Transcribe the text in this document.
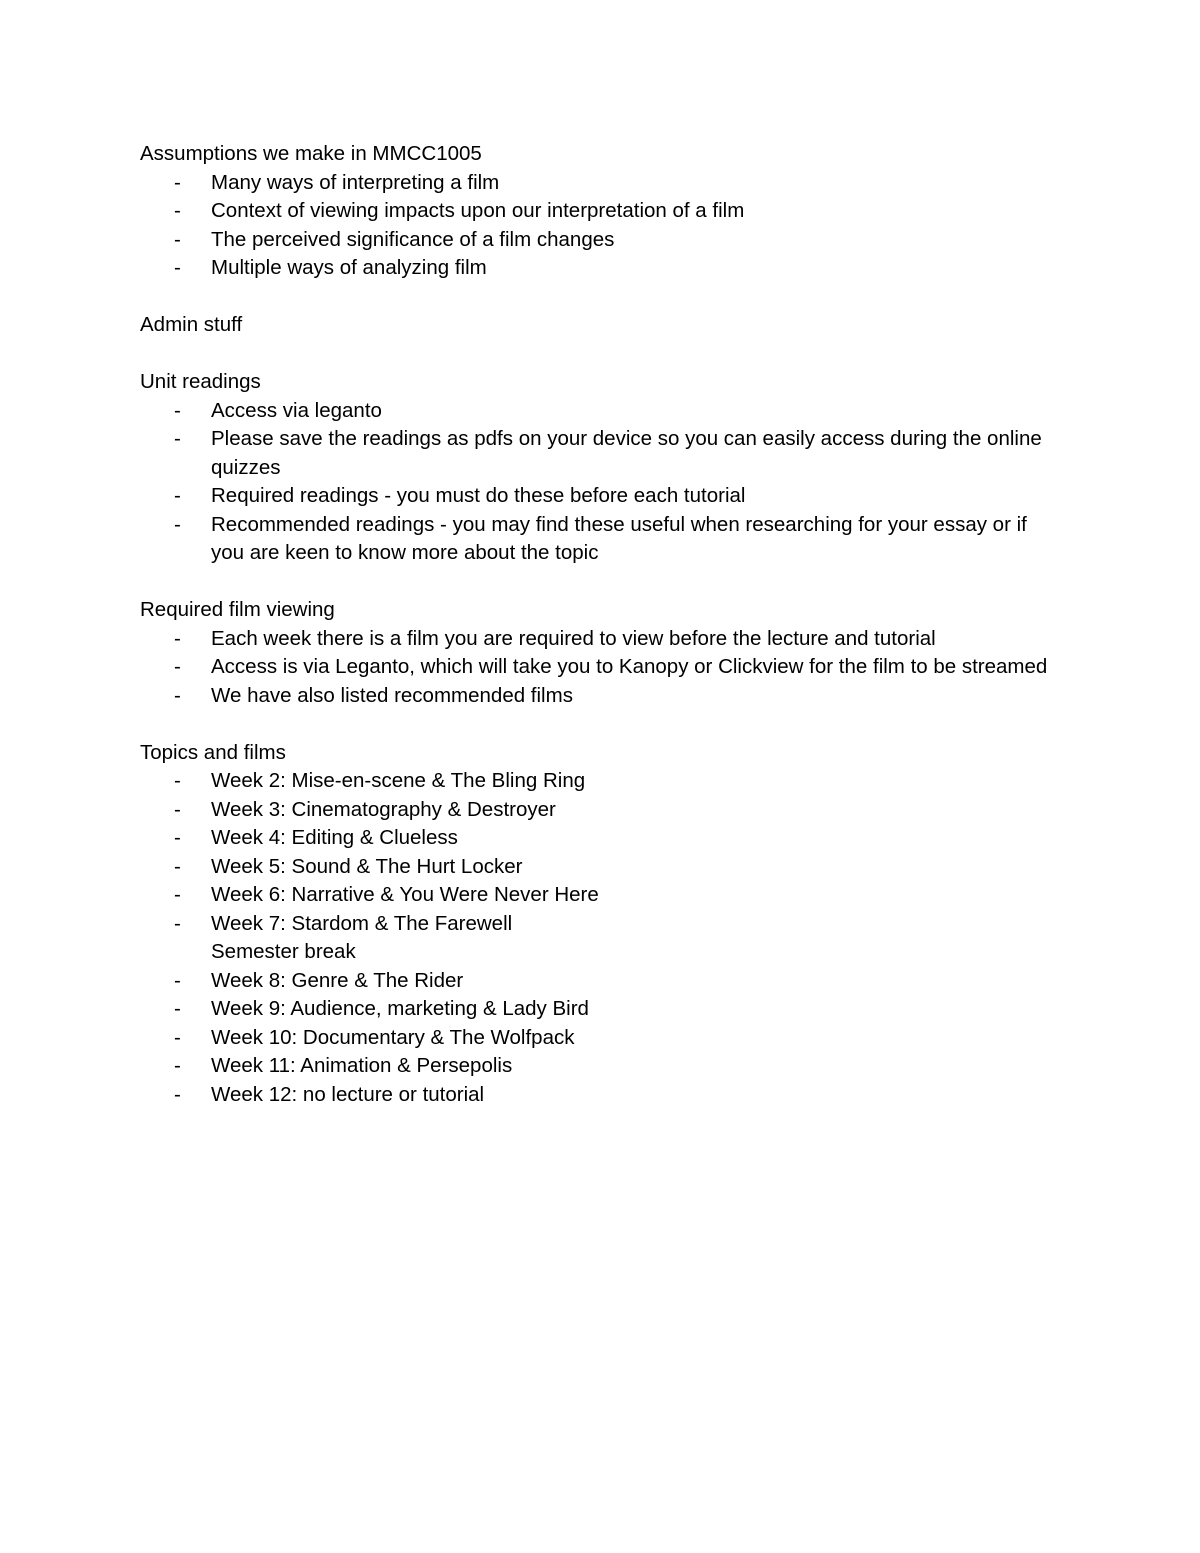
Assumptions we make in MMCC1005

- Many ways of interpreting a film
- Context of viewing impacts upon our interpretation of a film
- The perceived significance of a film changes
- Multiple ways of analyzing film

Admin stuff

Unit readings

- Access via leganto
- Please save the readings as pdfs on your device so you can easily access during the online quizzes
- Required readings - you must do these before each tutorial
- Recommended readings - you may find these useful when researching for your essay or if you are keen to know more about the topic

Required film viewing

- Each week there is a film you are required to view before the lecture and tutorial
- Access is via Leganto, which will take you to Kanopy or Clickview for the film to be streamed
- We have also listed recommended films

Topics and films

- Week 2: Mise-en-scene & The Bling Ring
- Week 3: Cinematography & Destroyer
- Week 4: Editing & Clueless
- Week 5: Sound & The Hurt Locker
- Week 6: Narrative & You Were Never Here
- Week 7: Stardom & The Farewell
Semester break
- Week 8: Genre & The Rider
- Week 9: Audience, marketing & Lady Bird
- Week 10: Documentary & The Wolfpack
- Week 11: Animation & Persepolis
- Week 12: no lecture or tutorial
